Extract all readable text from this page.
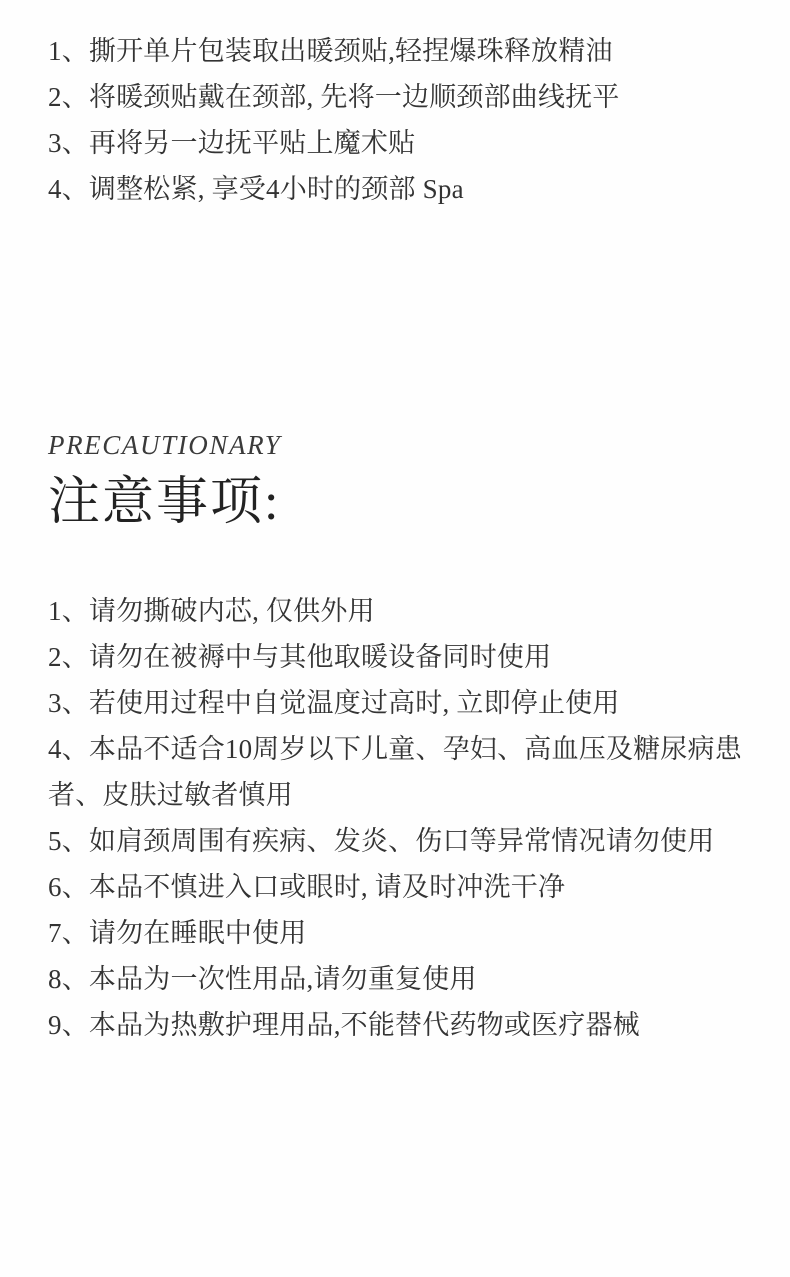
1、撕开单片包装取出暖颈贴,轻捏爆珠释放精油
2、将暖颈贴戴在颈部, 先将一边顺颈部曲线抚平
3、再将另一边抚平贴上魔术贴
4、调整松紧, 享受4小时的颈部 Spa
PRECAUTIONARY
注意事项:
1、请勿撕破内芯, 仅供外用
2、请勿在被褥中与其他取暖设备同时使用
3、若使用过程中自觉温度过高时, 立即停止使用
4、本品不适合10周岁以下儿童、孕妇、高血压及糖尿病患者、皮肤过敏者慎用
5、如肩颈周围有疾病、发炎、伤口等异常情况请勿使用
6、本品不慎进入口或眼时, 请及时冲洗干净
7、请勿在睡眠中使用
8、本品为一次性用品,请勿重复使用
9、本品为热敷护理用品,不能替代药物或医疗器械
